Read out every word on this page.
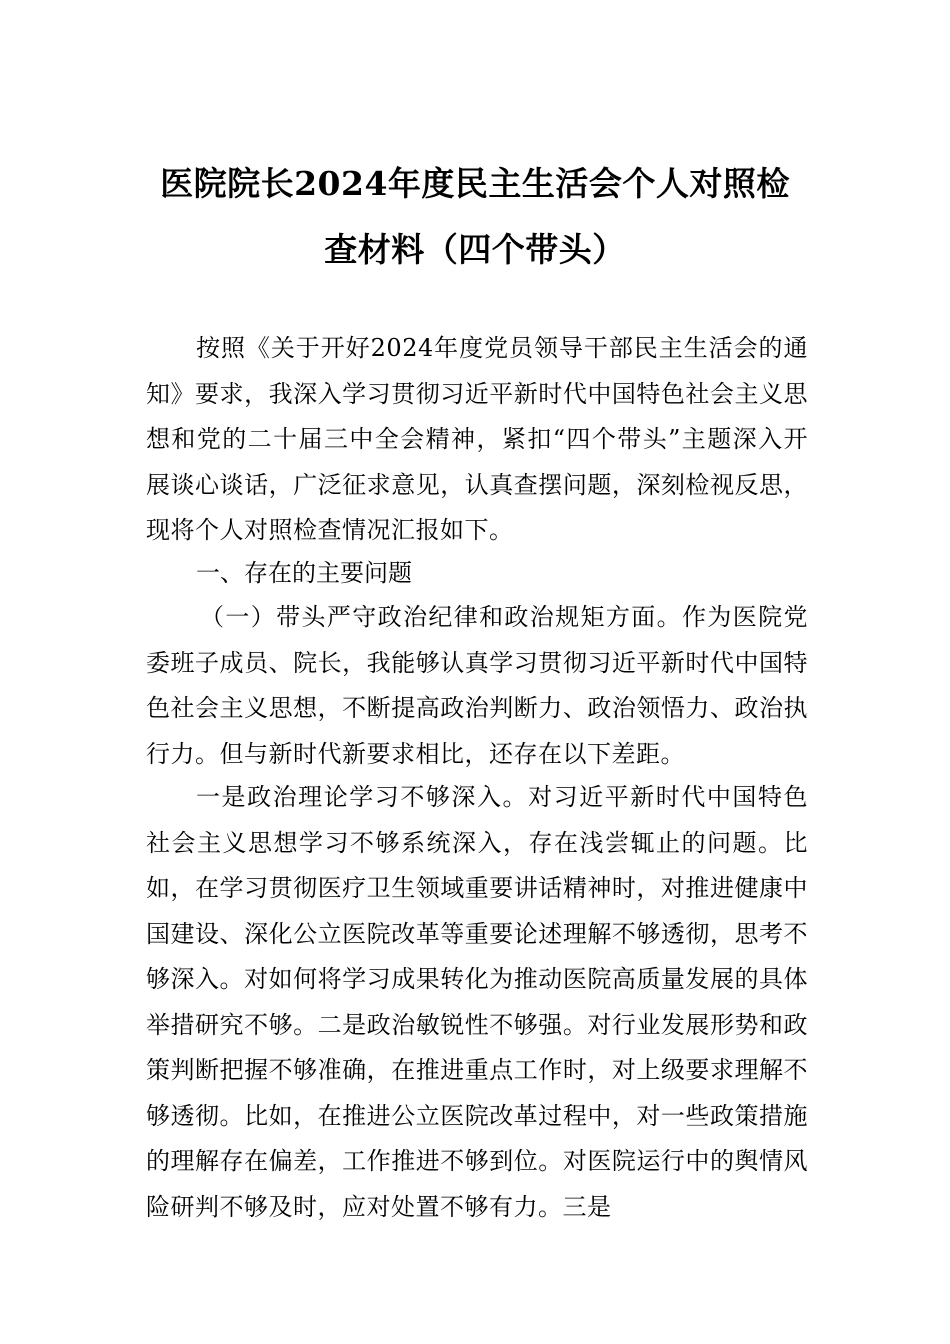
医院院长2024年度民主生活会个人对照检
查材料（四个带头）

按照《关于开好2024年度党员领导干部民主生活会的通知》要求，我深入学习贯彻习近平新时代中国特色社会主义思想和党的二十届三中全会精神，紧扣“四个带头”主题深入开展谈心谈话，广泛征求意见，认真查摆问题，深刻检视反思，现将个人对照检查情况汇报如下。

一、存在的主要问题

（一）带头严守政治纪律和政治规矩方面。作为医院党委班子成员、院长，我能够认真学习贯彻习近平新时代中国特色社会主义思想，不断提高政治判断力、政治领悟力、政治执行力。但与新时代新要求相比，还存在以下差距。

一是政治理论学习不够深入。对习近平新时代中国特色社会主义思想学习不够系统深入，存在浅尝辄止的问题。比如，在学习贯彻医疗卫生领域重要讲话精神时，对推进健康中国建设、深化公立医院改革等重要论述理解不够透彻，思考不够深入。对如何将学习成果转化为推动医院高质量发展的具体举措研究不够。二是政治敏锐性不够强。对行业发展形势和政策判断把握不够准确，在推进重点工作时，对上级要求理解不够透彻。比如，在推进公立医院改革过程中，对一些政策措施的理解存在偏差，工作推进不够到位。对医院运行中的舆情风险研判不够及时，应对处置不够有力。三是
